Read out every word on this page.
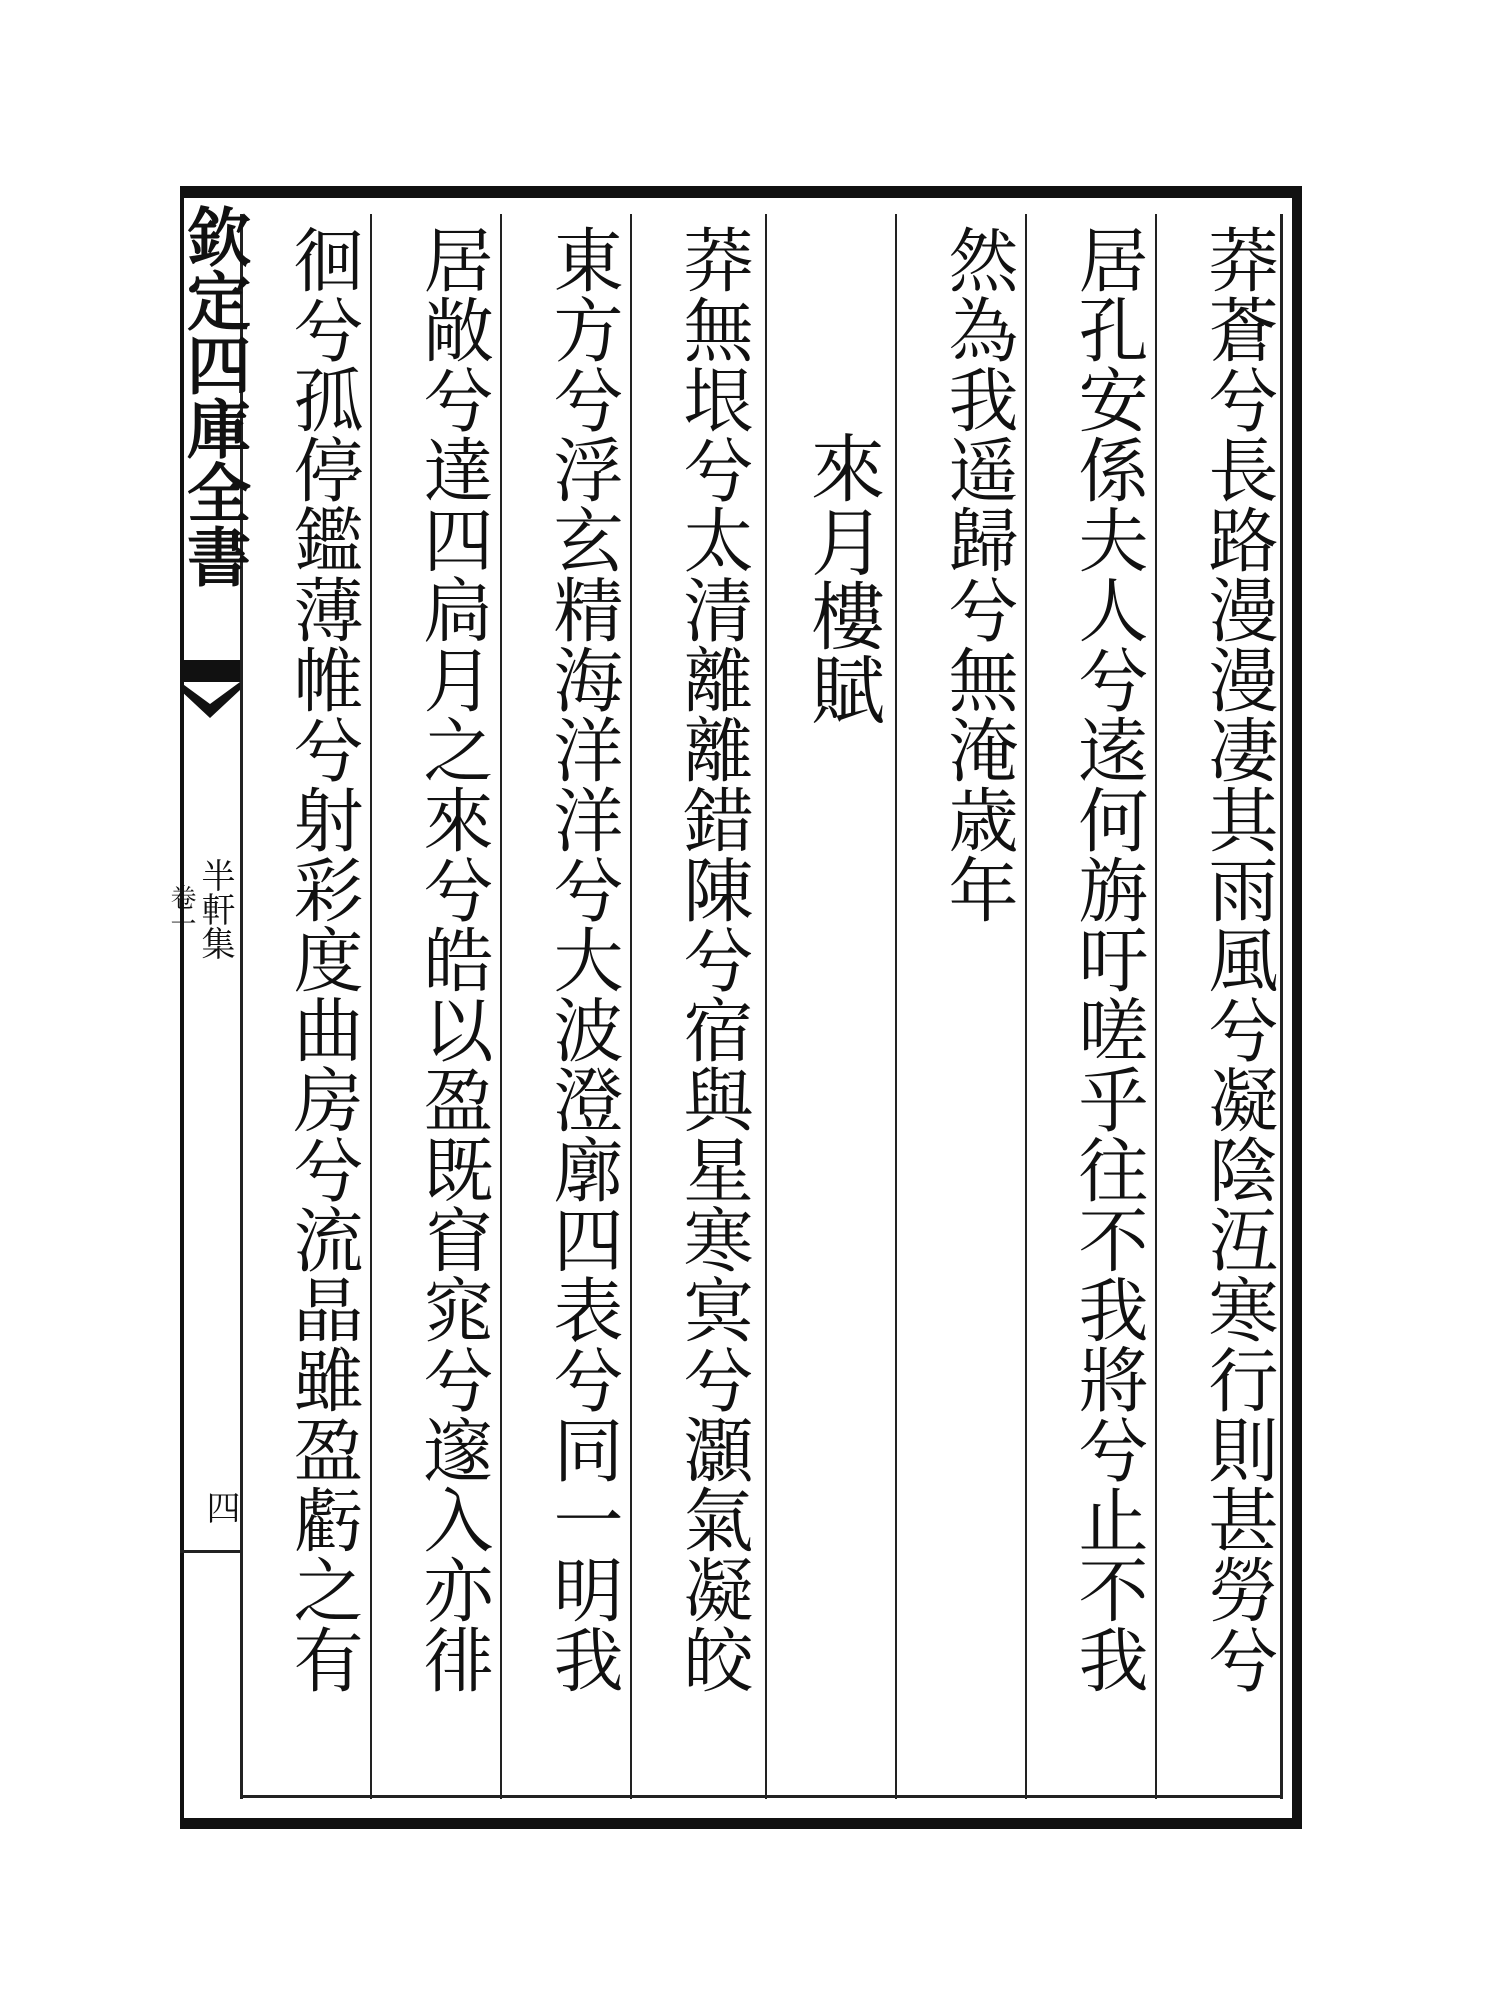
欽定四庫全書
半軒集
卷一
四	莽蒼兮長路漫漫凄其雨風兮凝陰沍寒行則甚勞兮
居孔安係夫人兮逺何旃吁嗟乎往不我將兮止不我
然為我遥歸兮無淹歳年
來月樓賦
莽無垠兮太清離離錯陳兮宿與星寒㝠兮灝氣凝皎
東方兮浮玄精海洋洋兮大波澄廓四表兮同一明我
居敞兮達四扃月之來兮皓以盈既窅窕兮邃入亦徘
徊兮孤停鑑薄帷兮射彩度曲房兮流晶雖盈虧之有
